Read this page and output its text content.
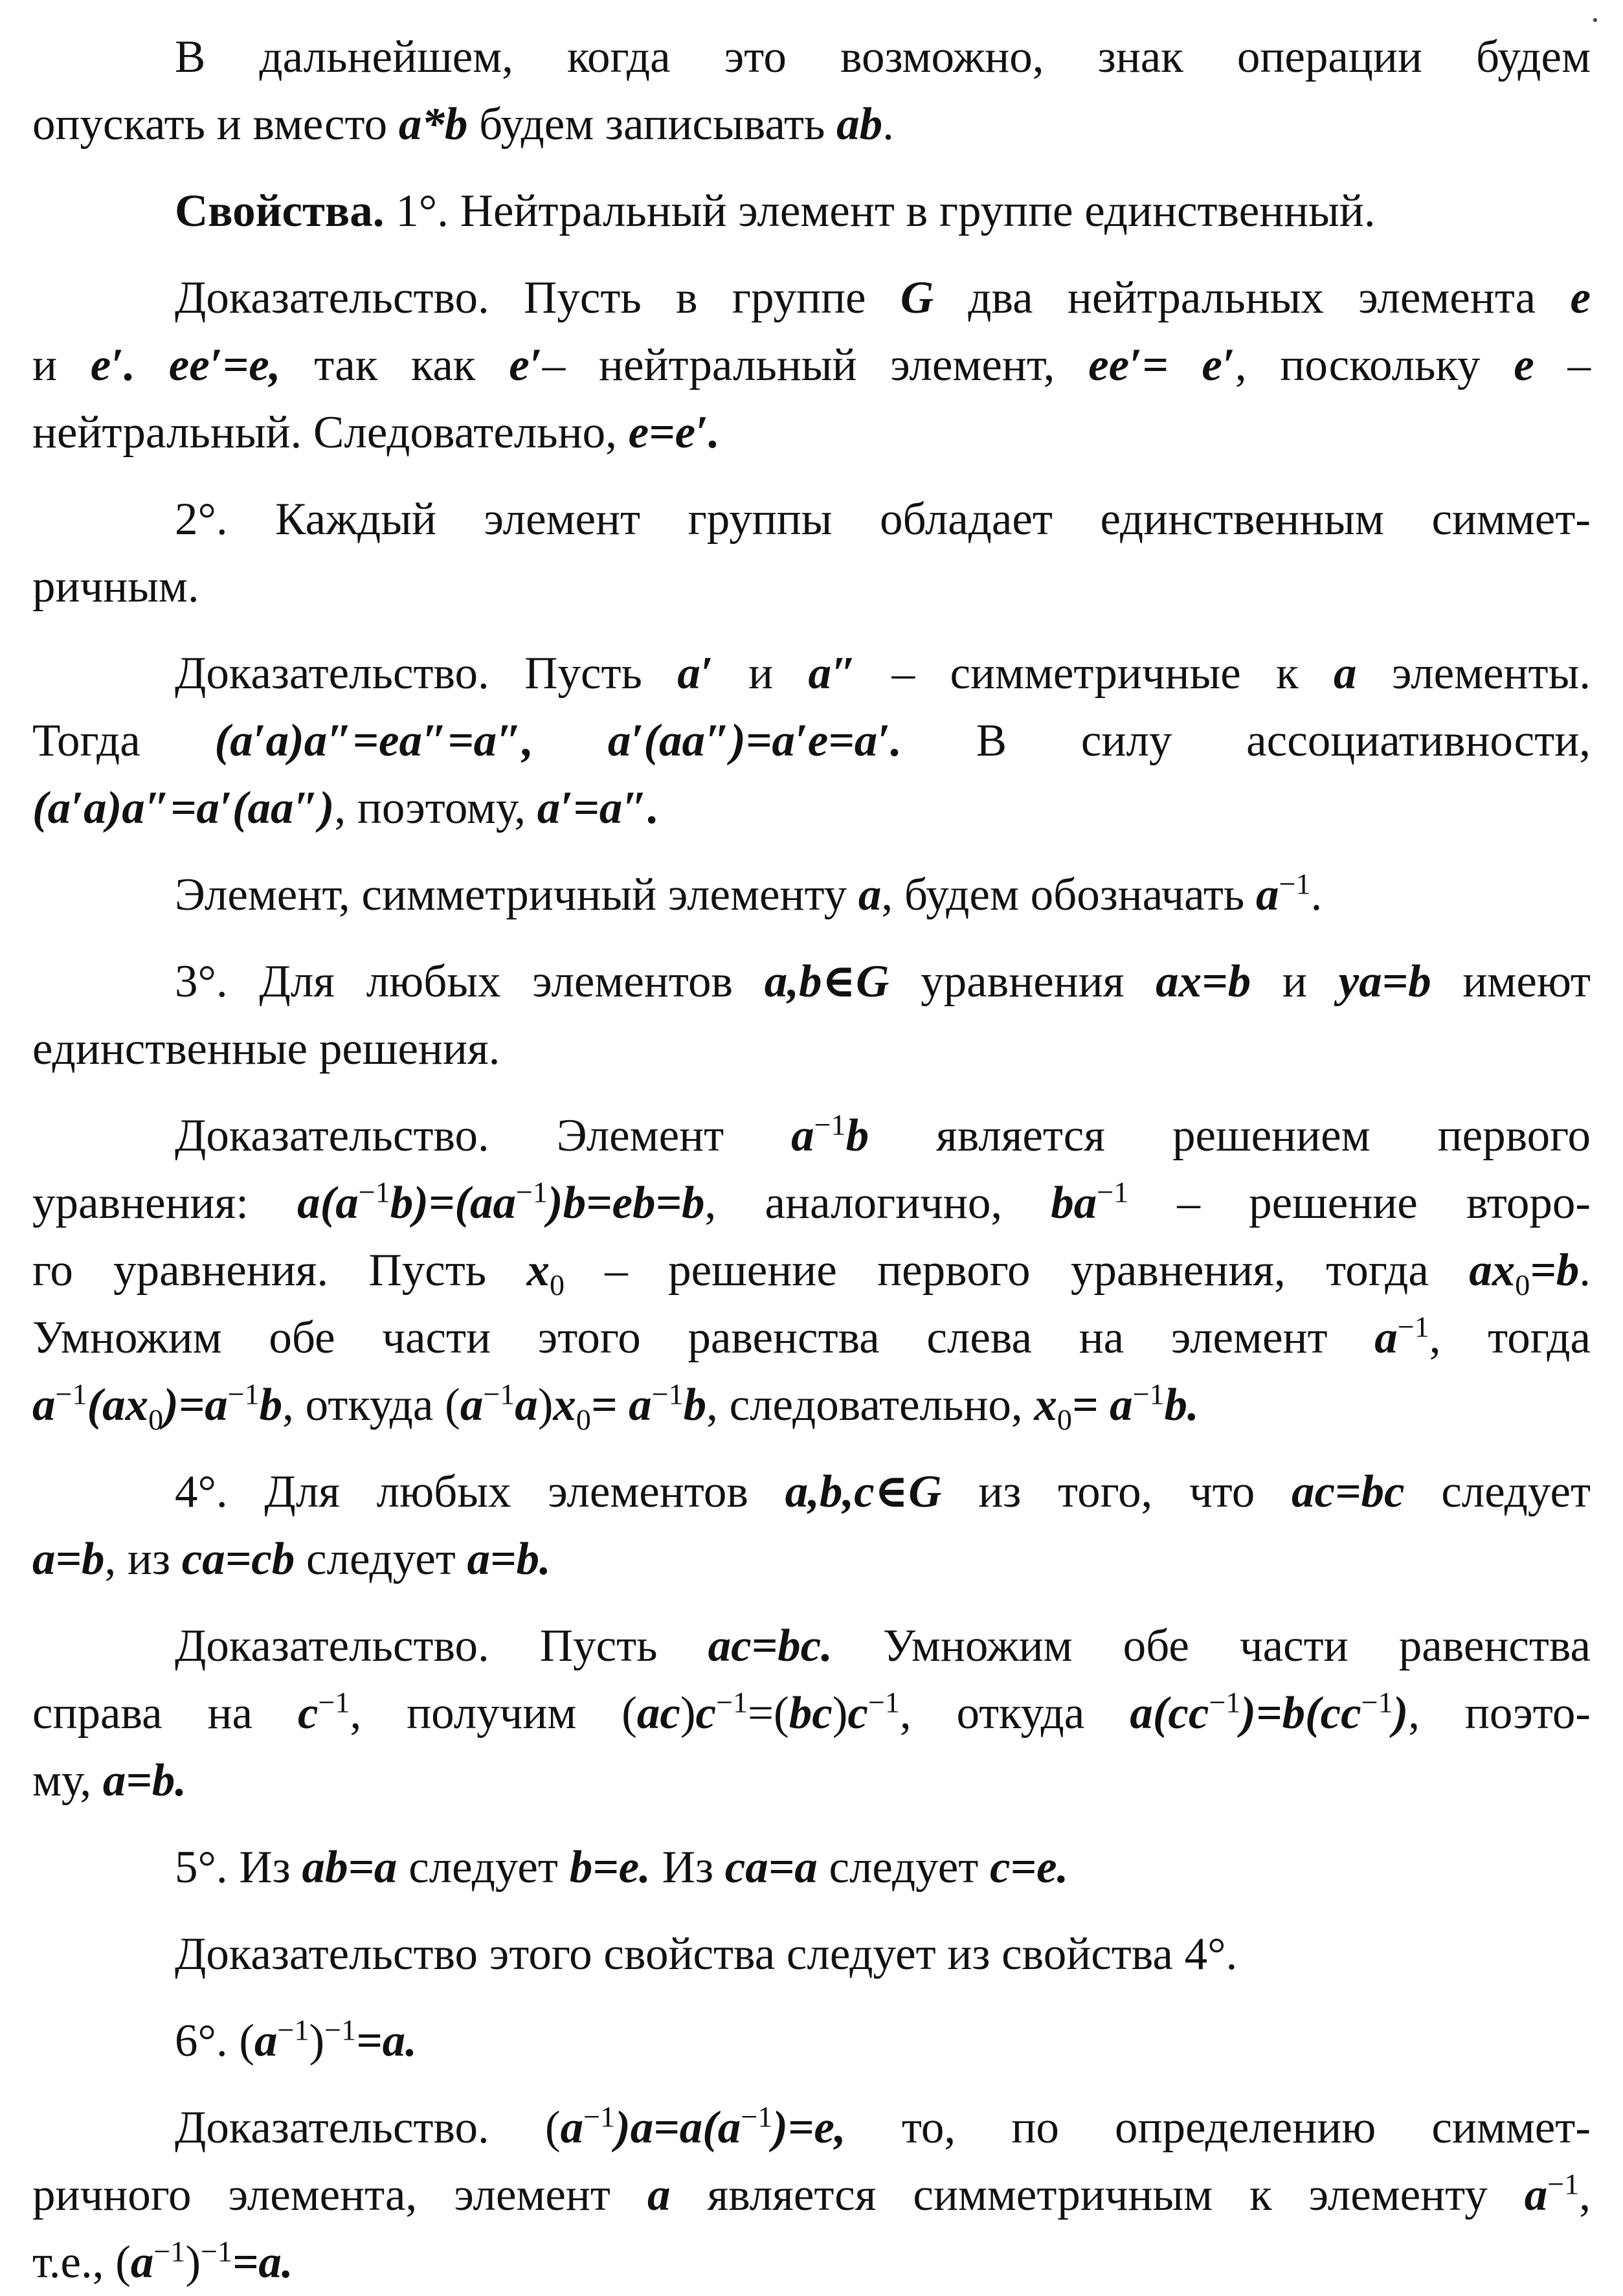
В дальнейшем, когда это возможно, знак операции будем
опускать и вместо a*b будем записывать ab.
Свойства. 1°. Нейтральный элемент в группе единственный.
Доказательство. Пусть в группе G два нейтральных элемента e
и e′. ee′=e, так как e′– нейтральный элемент, ee′= e′, поскольку e –
нейтральный. Следовательно, e=e′.
2°. Каждый элемент группы обладает единственным симмет-
ричным.
Доказательство. Пусть a′ и a″ – симметричные к a элементы.
Тогда (a′a)a″=ea″=a″, a′(aa″)=a′e=a′. В силу ассоциативности,
(a′a)a″=a′(aa″), поэтому, a′=a″.
Элемент, симметричный элементу a, будем обозначать $a^{-1}$.
3°. Для любых элементов a,b∈G уравнения ax=b и ya=b имеют
единственные решения.
Доказательство. Элемент $a^{-1}b$ является решением первого
уравнения: $a(a^{-1}b)=(aa^{-1})b=eb=b$, аналогично, $ba^{-1}$ – решение второ-
го уравнения. Пусть $x_0$ – решение первого уравнения, тогда $ax_0=b$.
Умножим обе части этого равенства слева на элемент $a^{-1}$, тогда
$a^{-1}(ax_0)=a^{-1}b$, откуда $(a^{-1}a)x_0= a^{-1}b$, следовательно, $x_0= a^{-1}b$.
4°. Для любых элементов a,b,c∈G из того, что ac=bc следует
a=b, из ca=cb следует a=b.
Доказательство. Пусть ac=bc. Умножим обе части равенства
справа на $c^{-1}$, получим $(ac)c^{-1}=(bc)c^{-1}$, откуда $a(cc^{-1})=b(cc^{-1})$, поэто-
му, a=b.
5°. Из ab=a следует b=e. Из ca=a следует c=e.
Доказательство этого свойства следует из свойства 4°.
6°. $(a^{-1})^{-1}=a$.
Доказательство. $(a^{-1})a=a(a^{-1})=e$, то, по определению симмет-
ричного элемента, элемент a является симметричным к элементу $a^{-1}$,
т.е., $(a^{-1})^{-1}=a$.
